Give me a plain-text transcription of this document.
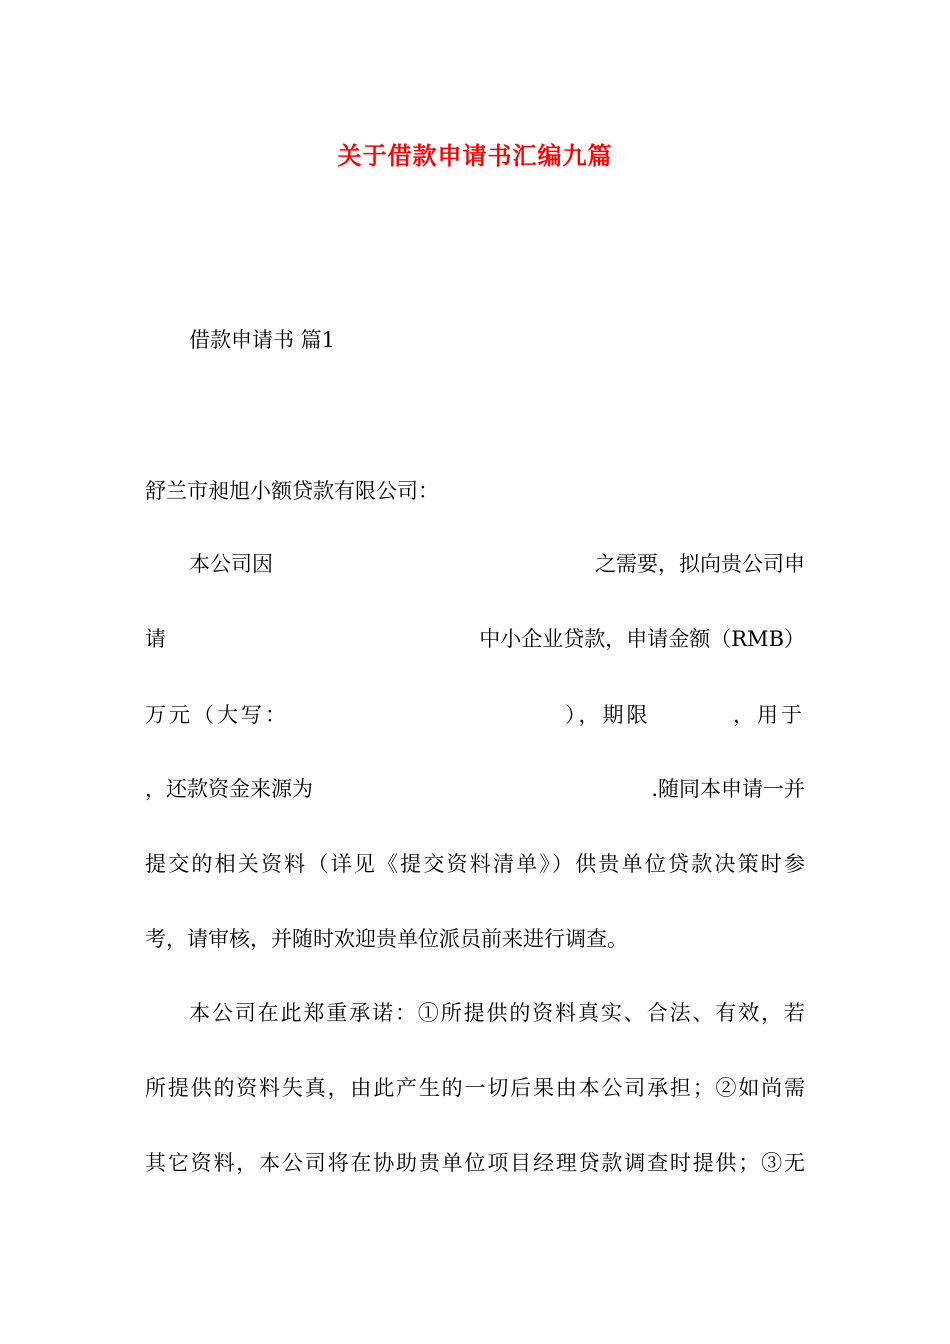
关于借款申请书汇编九篇
借款申请书 篇1
舒兰市昶旭小额贷款有限公司：
本公司因	之需要，拟向贵公司申
请	中小企业贷款，申请金额（RMB）
万元（大写：	），期限	，用于
，还款资金来源为	.随同本申请一并
提交的相关资料（详见《提交资料清单》）供贵单位贷款决策时参
考，请审核，并随时欢迎贵单位派员前来进行调查。
本公司在此郑重承诺：①所提供的资料真实、合法、有效，若
所提供的资料失真，由此产生的一切后果由本公司承担；②如尚需
其它资料，本公司将在协助贵单位项目经理贷款调查时提供；③无
